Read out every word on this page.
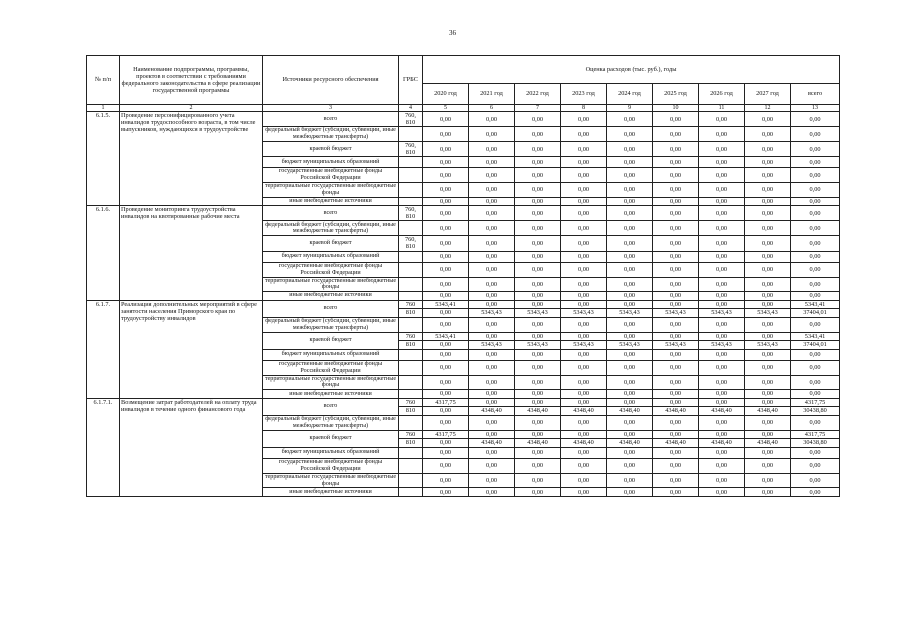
36
№ п/п	Наименование подпрограммы, программы, проектов в соответствии с требованиями федерального законодательства в сфере реализации государственной программы	Источники ресурсного обеспечения	ГРБС	Оценка расходов (тыс. руб.), годы								
				2020 год	2021 год	2022 год	2023 год	2024 год	2025 год	2026 год	2027 год	всего
1	2	3	4	5	6	7	8	9	10	11	12	13
6.1.5.	Проведение персонифицированного учета инвалидов трудоспособного возраста, в том числе выпускников, нуждающихся в трудоустройстве	всего	760, 810	0,00	0,00	0,00	0,00	0,00	0,00	0,00	0,00	0,00
		федеральный бюджет (субсидии, субвенции, иные межбюджетные трансферты)		0,00	0,00	0,00	0,00	0,00	0,00	0,00	0,00	0,00
		краевой бюджет	760, 810	0,00	0,00	0,00	0,00	0,00	0,00	0,00	0,00	0,00
		бюджет муниципальных образований		0,00	0,00	0,00	0,00	0,00	0,00	0,00	0,00	0,00
		государственные внебюджетные фонды Российской Федерации		0,00	0,00	0,00	0,00	0,00	0,00	0,00	0,00	0,00
		территориальные государственные внебюджетные фонды		0,00	0,00	0,00	0,00	0,00	0,00	0,00	0,00	0,00
		иные внебюджетные источники		0,00	0,00	0,00	0,00	0,00	0,00	0,00	0,00	0,00
6.1.6.	Проведение мониторинга трудоустройства инвалидов на квотированные рабочие места	всего	760, 810	0,00	0,00	0,00	0,00	0,00	0,00	0,00	0,00	0,00
		федеральный бюджет (субсидии, субвенции, иные межбюджетные трансферты)		0,00	0,00	0,00	0,00	0,00	0,00	0,00	0,00	0,00
		краевой бюджет	760, 810	0,00	0,00	0,00	0,00	0,00	0,00	0,00	0,00	0,00
		бюджет муниципальных образований		0,00	0,00	0,00	0,00	0,00	0,00	0,00	0,00	0,00
		государственные внебюджетные фонды Российской Федерации		0,00	0,00	0,00	0,00	0,00	0,00	0,00	0,00	0,00
		территориальные государственные внебюджетные фонды		0,00	0,00	0,00	0,00	0,00	0,00	0,00	0,00	0,00
		иные внебюджетные источники		0,00	0,00	0,00	0,00	0,00	0,00	0,00	0,00	0,00
6.1.7.	Реализация дополнительных мероприятий в сфере занятости населения Приморского края по трудоустройству инвалидов	всего	760	5343,41	0,00	0,00	0,00	0,00	0,00	0,00	0,00	5343,41
			810	0,00	5343,43	5343,43	5343,43	5343,43	5343,43	5343,43	5343,43	37404,01
		федеральный бюджет (субсидии, субвенции, иные межбюджетные трансферты)		0,00	0,00	0,00	0,00	0,00	0,00	0,00	0,00	0,00
		краевой бюджет	760	5343,41	0,00	0,00	0,00	0,00	0,00	0,00	0,00	5343,41
			810	0,00	5343,43	5343,43	5343,43	5343,43	5343,43	5343,43	5343,43	37404,01
		бюджет муниципальных образований		0,00	0,00	0,00	0,00	0,00	0,00	0,00	0,00	0,00
		государственные внебюджетные фонды Российской Федерации		0,00	0,00	0,00	0,00	0,00	0,00	0,00	0,00	0,00
		территориальные государственные внебюджетные фонды		0,00	0,00	0,00	0,00	0,00	0,00	0,00	0,00	0,00
		иные внебюджетные источники		0,00	0,00	0,00	0,00	0,00	0,00	0,00	0,00	0,00
6.1.7.1.	Возмещение затрат работодателей на оплату труда инвалидов в течение одного финансового года	всего	760	4317,75	0,00	0,00	0,00	0,00	0,00	0,00	0,00	4317,75
			810	0,00	4348,40	4348,40	4348,40	4348,40	4348,40	4348,40	4348,40	30438,80
		федеральный бюджет (субсидии, субвенции, иные межбюджетные трансферты)		0,00	0,00	0,00	0,00	0,00	0,00	0,00	0,00	0,00
		краевой бюджет	760	4317,75	0,00	0,00	0,00	0,00	0,00	0,00	0,00	4317,75
			810	0,00	4348,40	4348,40	4348,40	4348,40	4348,40	4348,40	4348,40	30438,80
		бюджет муниципальных образований		0,00	0,00	0,00	0,00	0,00	0,00	0,00	0,00	0,00
		государственные внебюджетные фонды Российской Федерации		0,00	0,00	0,00	0,00	0,00	0,00	0,00	0,00	0,00
		территориальные государственные внебюджетные фонды		0,00	0,00	0,00	0,00	0,00	0,00	0,00	0,00	0,00
		иные внебюджетные источники		0,00	0,00	0,00	0,00	0,00	0,00	0,00	0,00	0,00
